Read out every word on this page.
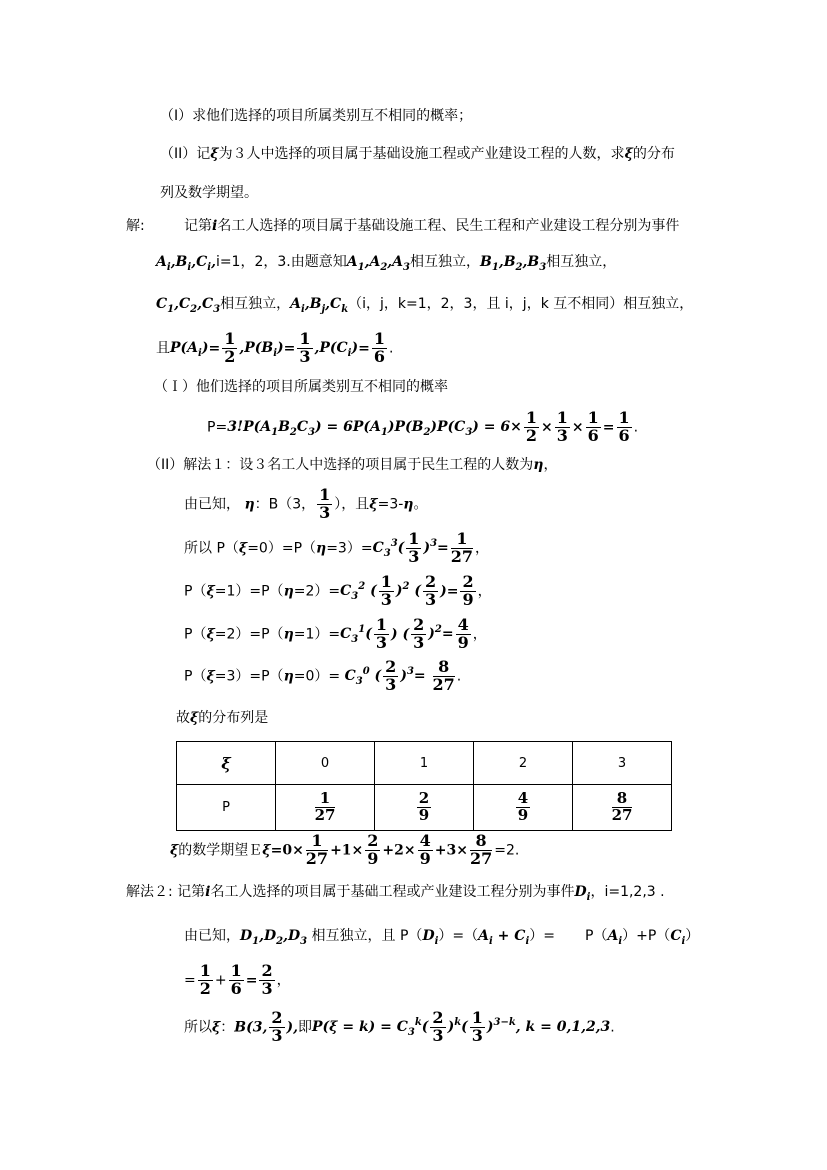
（I）求他们选择的项目所属类别互不相同的概率；
（II）记ξ为３人中选择的项目属于基础设施工程或产业建设工程的人数，求ξ的分布
列及数学期望。
解:	记第i名工人选择的项目属于基础设施工程、民生工程和产业建设工程分别为事件
$A_i,B_i,C_i,i=1$，2，3.由题意知$A_1,A_2,A_3$相互独立，$B_1,B_2,B_3$相互独立，
$C_1,C_2,C_3$相互独立，$A_i,B_j,C_k(i$，j，k=1，2，3，且 i，j，k 互不相同）相互独立，
且$P(A_i)= \frac{1}{2} ,P(B_i)= \frac{1}{3} ,P(C_i)= \frac{1}{6}$ .
（Ｉ）他们选择的项目所属类别互不相同的概率
$P=3!P(A_1B_2C_3) = 6P(A_1)P(B_2)P(C_3) = 6\times \frac{1}{2} \times \frac{1}{3} \times \frac{1}{6} = \frac{1}{6}$ .
（II）解法１：设３名工人中选择的项目属于民生工程的人数为η，
由已知， η：B（3， $\frac{1}{3}$ ），且ξ=3-η。
所以 $P(\xi=0)=P(\eta=3)=C_3^3( \frac{1}{3} )^3= \frac{1}{27}$ ，
$P(\xi=1)=P(\eta=2)=C_3^2$ ( $\frac{1}{3} )^2$ ( $\frac{2}{3}$ )= $\frac{2}{9}$ ，
$P(\xi=2)=P(\eta=1)=C_3^1( \frac{1}{3}$ ) ( $\frac{2}{3} )^2= \frac{4}{9}$ ，
$P(\xi=3)=P(\eta=0)= C_3^0$ ( $\frac{2}{3} )^3= \frac{8}{27}$ .
故ξ的分布列是
ξ	0	1	2	3
P	$\frac{1}{27}$	$\frac{2}{9}$	$\frac{4}{9}$	$\frac{8}{27}$
ξ的数学期望Ｅξ=0× $\frac{1}{27} +1\times \frac{2}{9} +2\times \frac{4}{9} +3\times \frac{8}{27} =2$.
解法２: 记第i名工人选择的项目属于基础工程或产业建设工程分别为事件$D_i$，i=1,2,3 .
由已知，$D_1,D_2,D_3$ 相互独立，且 $P(D_i)=(A_i + C_i)= P(A_i)+P(C_i)$
= $\frac{1}{2} + \frac{1}{6} = \frac{2}{3}$ ，
所以ξ：B(3, $\frac{2}{3}$ ),即$P(\xi = k) = C_3^k( \frac{2}{3} )^k( \frac{1}{3} )^{3-k}$, k = 0,1,2,3.
